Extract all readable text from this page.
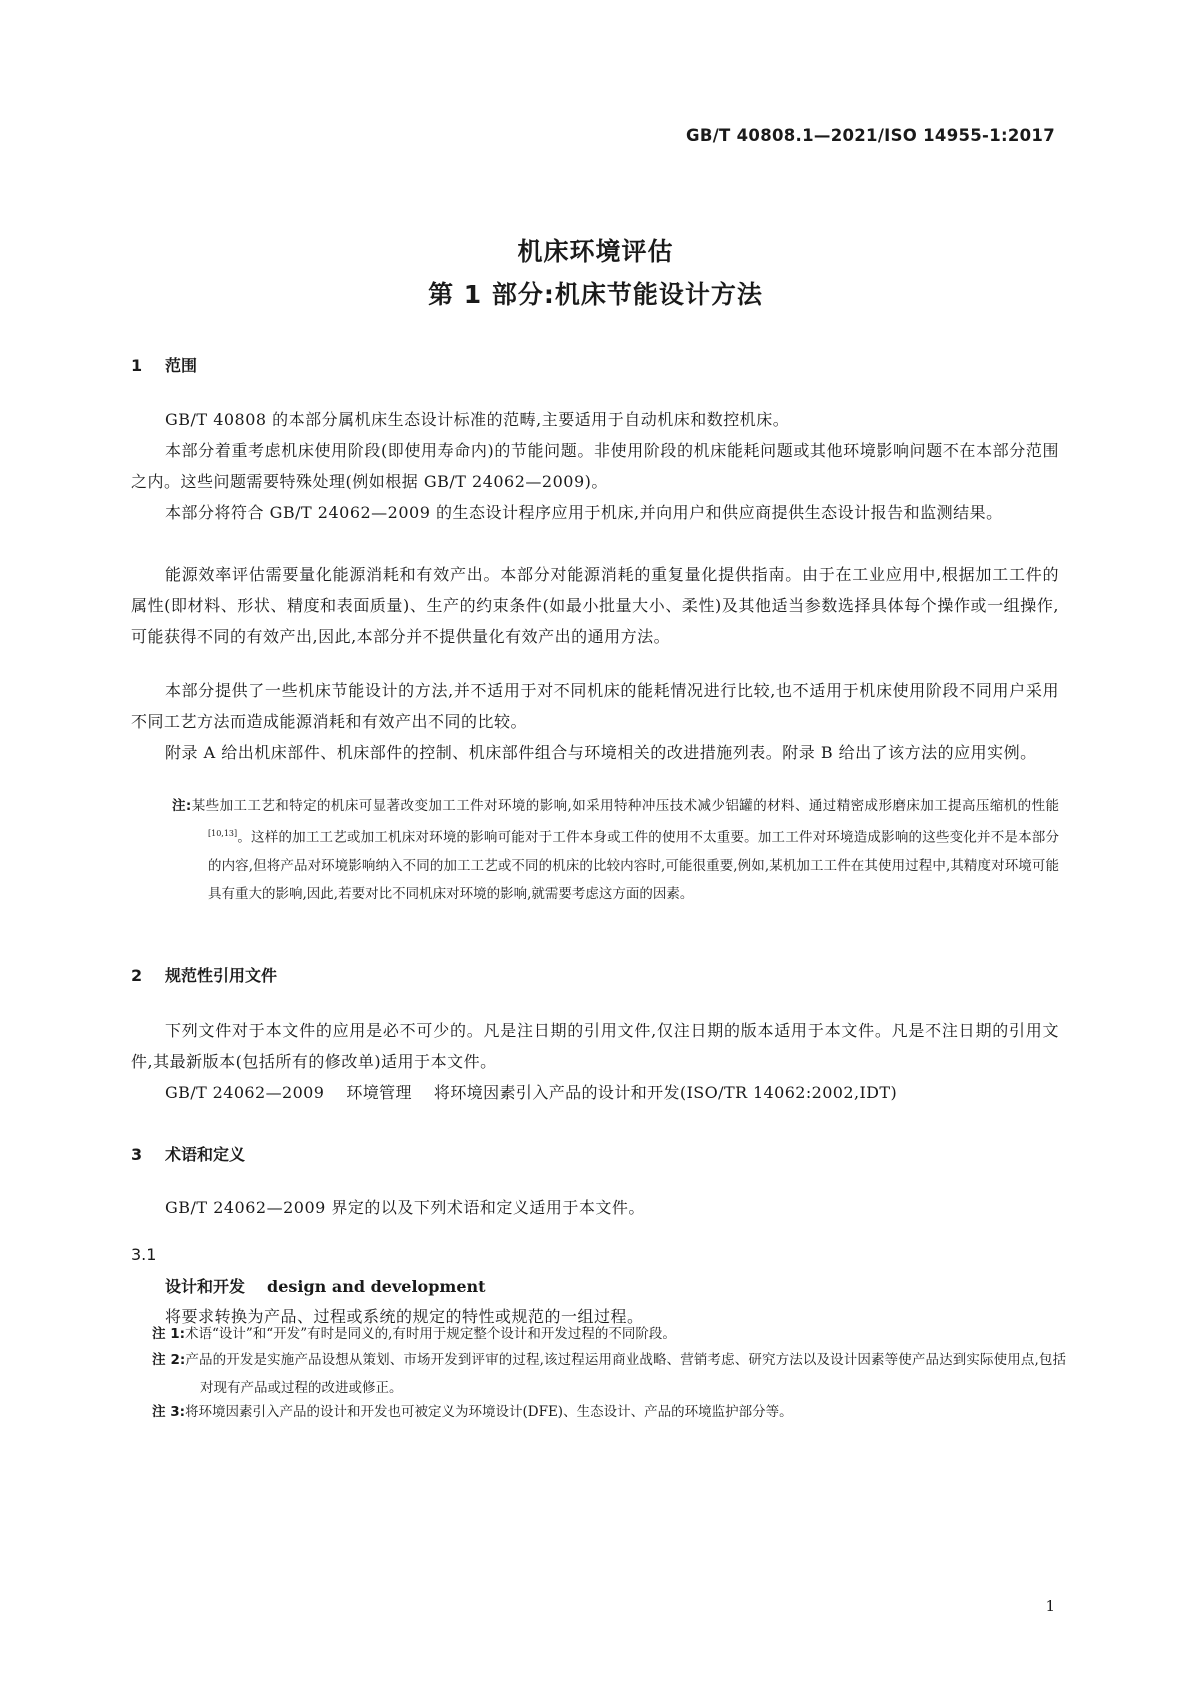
GB/T 40808.1—2021/ISO 14955-1:2017
机床环境评估
第 1 部分:机床节能设计方法
1 范围

GB/T 40808 的本部分属机床生态设计标准的范畴,主要适用于自动机床和数控机床。

本部分着重考虑机床使用阶段(即使用寿命内)的节能问题。非使用阶段的机床能耗问题或其他环境影响问题不在本部分范围之内。这些问题需要特殊处理(例如根据 GB/T 24062—2009)。

本部分将符合 GB/T 24062—2009 的生态设计程序应用于机床,并向用户和供应商提供生态设计报告和监测结果。

能源效率评估需要量化能源消耗和有效产出。本部分对能源消耗的重复量化提供指南。由于在工业应用中,根据加工工件的属性(即材料、形状、精度和表面质量)、生产的约束条件(如最小批量大小、柔性)及其他适当参数选择具体每个操作或一组操作,可能获得不同的有效产出,因此,本部分并不提供量化有效产出的通用方法。

本部分提供了一些机床节能设计的方法,并不适用于对不同机床的能耗情况进行比较,也不适用于机床使用阶段不同用户采用不同工艺方法而造成能源消耗和有效产出不同的比较。

附录 A 给出机床部件、机床部件的控制、机床部件组合与环境相关的改进措施列表。附录 B 给出了该方法的应用实例。

注:某些加工工艺和特定的机床可显著改变加工工件对环境的影响,如采用特种冲压技术减少铝罐的材料、通过精密成形磨床加工提高压缩机的性能[10,13]。这样的加工工艺或加工机床对环境的影响可能对于工件本身或工件的使用不太重要。加工工件对环境造成影响的这些变化并不是本部分的内容,但将产品对环境影响纳入不同的加工工艺或不同的机床的比较内容时,可能很重要,例如,某机加工工件在其使用过程中,其精度对环境可能具有重大的影响,因此,若要对比不同机床对环境的影响,就需要考虑这方面的因素。

2 规范性引用文件

下列文件对于本文件的应用是必不可少的。凡是注日期的引用文件,仅注日期的版本适用于本文件。凡是不注日期的引用文件,其最新版本(包括所有的修改单)适用于本文件。

GB/T 24062—2009 环境管理 将环境因素引入产品的设计和开发(ISO/TR 14062:2002,IDT)
3 术语和定义

GB/T 24062—2009 界定的以及下列术语和定义适用于本文件。

3.1
设计和开发 design and development
将要求转换为产品、过程或系统的规定的特性或规范的一组过程。

注 1:术语“设计”和“开发”有时是同义的,有时用于规定整个设计和开发过程的不同阶段。

注 2:产品的开发是实施产品设想从策划、市场开发到评审的过程,该过程运用商业战略、营销考虑、研究方法以及设计因素等使产品达到实际使用点,包括对现有产品或过程的改进或修正。

注 3:将环境因素引入产品的设计和开发也可被定义为环境设计(DFE)、生态设计、产品的环境监护部分等。

1
